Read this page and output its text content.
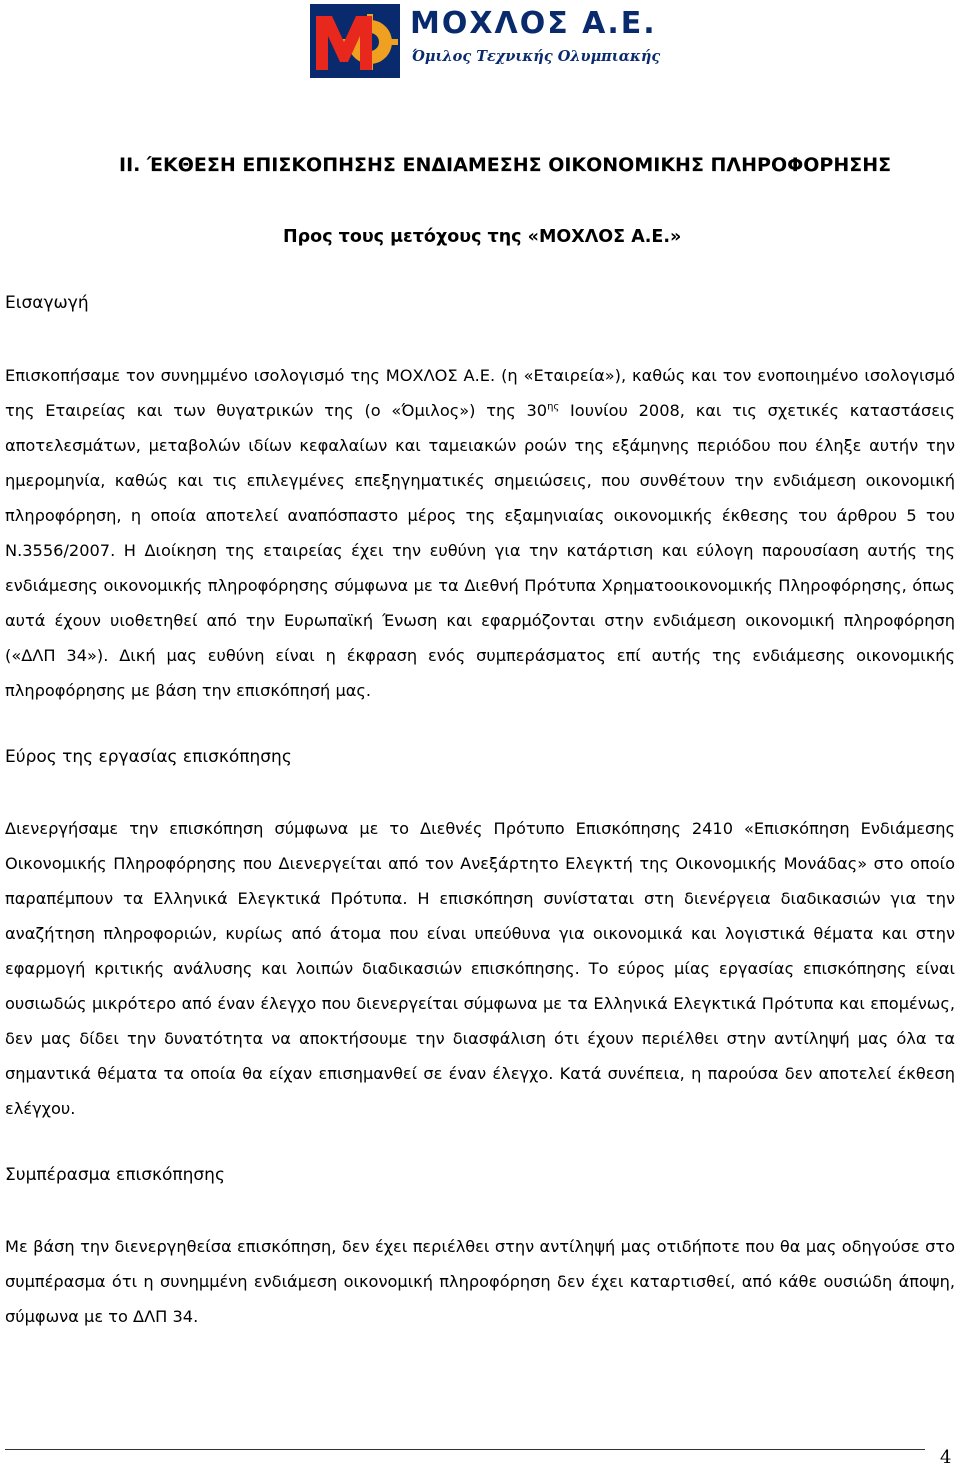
ΜΟΧΛΟΣ Α.Ε.
Όμιλος Τεχνικής Ολυμπιακής
ΙΙ. ΈΚΘΕΣΗ ΕΠΙΣΚΟΠΗΣΗΣ ΕΝΔΙΑΜΕΣΗΣ ΟΙΚΟΝΟΜΙΚΗΣ ΠΛΗΡΟΦΟΡΗΣΗΣ
Προς τους μετόχους της «ΜΟΧΛΟΣ Α.Ε.»
Εισαγωγή

Επισκοπήσαμε τον συνημμένο ισολογισμό της ΜΟΧΛΟΣ Α.Ε. (η «Εταιρεία»), καθώς και τον ενοποιημένο ισολογισμό της Εταιρείας και των θυγατρικών της (ο «Όμιλος») της $30^{\eta\varsigma}$ Ιουνίου 2008, και τις σχετικές καταστάσεις αποτελεσμάτων, μεταβολών ιδίων κεφαλαίων και ταμειακών ροών της εξάμηνης περιόδου που έληξε αυτήν την ημερομηνία, καθώς και τις επιλεγμένες επεξηγηματικές σημειώσεις, που συνθέτουν την ενδιάμεση οικονομική πληροφόρηση, η οποία αποτελεί αναπόσπαστο μέρος της εξαμηνιαίας οικονομικής έκθεσης του άρθρου 5 του Ν.3556/2007. Η Διοίκηση της εταιρείας έχει την ευθύνη για την κατάρτιση και εύλογη παρουσίαση αυτής της ενδιάμεσης οικονομικής πληροφόρησης σύμφωνα με τα Διεθνή Πρότυπα Χρηματοοικονομικής Πληροφόρησης, όπως αυτά έχουν υιοθετηθεί από την Ευρωπαϊκή Ένωση και εφαρμόζονται στην ενδιάμεση οικονομική πληροφόρηση («ΔΛΠ 34»). Δική μας ευθύνη είναι η έκφραση ενός συμπεράσματος επί αυτής της ενδιάμεσης οικονομικής πληροφόρησης με βάση την επισκόπησή μας.

Εύρος της εργασίας επισκόπησης

Διενεργήσαμε την επισκόπηση σύμφωνα με το Διεθνές Πρότυπο Επισκόπησης 2410 «Επισκόπηση Ενδιάμεσης Οικονομικής Πληροφόρησης που Διενεργείται από τον Ανεξάρτητο Ελεγκτή της Οικονομικής Μονάδας» στο οποίο παραπέμπουν τα Ελληνικά Ελεγκτικά Πρότυπα. Η επισκόπηση συνίσταται στη διενέργεια διαδικασιών για την αναζήτηση πληροφοριών, κυρίως από άτομα που είναι υπεύθυνα για οικονομικά και λογιστικά θέματα και στην εφαρμογή κριτικής ανάλυσης και λοιπών διαδικασιών επισκόπησης. Το εύρος μίας εργασίας επισκόπησης είναι ουσιωδώς μικρότερο από έναν έλεγχο που διενεργείται σύμφωνα με τα Ελληνικά Ελεγκτικά Πρότυπα και επομένως, δεν μας δίδει την δυνατότητα να αποκτήσουμε την διασφάλιση ότι έχουν περιέλθει στην αντίληψή μας όλα τα σημαντικά θέματα τα οποία θα είχαν επισημανθεί σε έναν έλεγχο. Κατά συνέπεια, η παρούσα δεν αποτελεί έκθεση ελέγχου.

Συμπέρασμα επισκόπησης

Με βάση την διενεργηθείσα επισκόπηση, δεν έχει περιέλθει στην αντίληψή μας οτιδήποτε που θα μας οδηγούσε στο συμπέρασμα ότι η συνημμένη ενδιάμεση οικονομική πληροφόρηση δεν έχει καταρτισθεί, από κάθε ουσιώδη άποψη, σύμφωνα με το ΔΛΠ 34.

4
